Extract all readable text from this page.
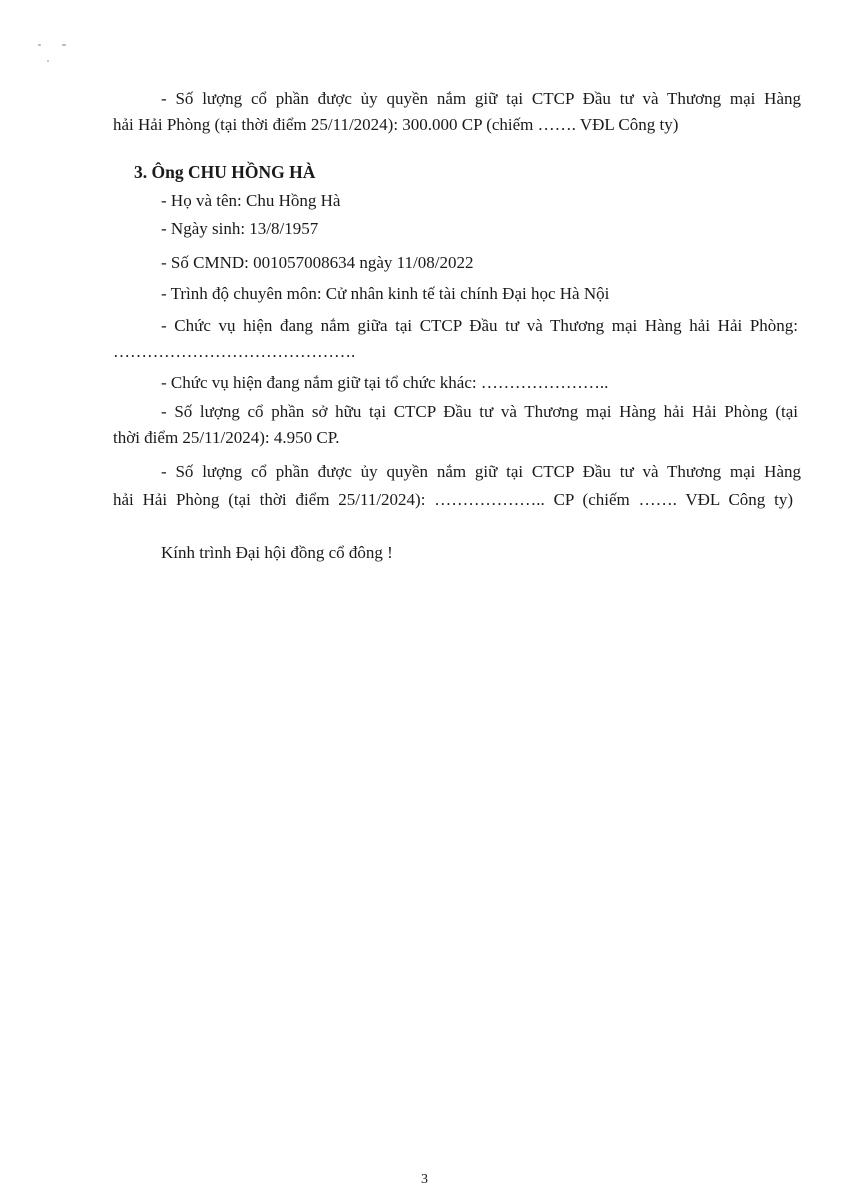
- Số lượng cổ phần được ủy quyền nắm giữ tại CTCP Đầu tư và Thương mại Hàng
hải Hải Phòng (tại thời điểm 25/11/2024): 300.000 CP (chiếm ……. VĐL Công ty)
3. Ông CHU HỒNG HÀ
- Họ và tên: Chu Hồng Hà
- Ngày sinh: 13/8/1957
- Số CMND: 001057008634 ngày 11/08/2022
- Trình độ chuyên môn: Cử nhân kinh tế tài chính Đại học Hà Nội
- Chức vụ hiện đang nắm giữa tại CTCP Đầu tư và Thương mại Hàng hải Hải Phòng:
…………………………………….
- Chức vụ hiện đang nắm giữ tại tổ chức khác: …………………..
- Số lượng cổ phần sở hữu tại CTCP Đầu tư và Thương mại Hàng hải Hải Phòng (tại
thời điểm 25/11/2024): 4.950 CP.
- Số lượng cổ phần được ủy quyền nắm giữ tại CTCP Đầu tư và Thương mại Hàng
hải Hải Phòng (tại thời điểm 25/11/2024): ……………….. CP (chiếm ……. VĐL Công ty)
Kính trình Đại hội đồng cổ đông !
3
